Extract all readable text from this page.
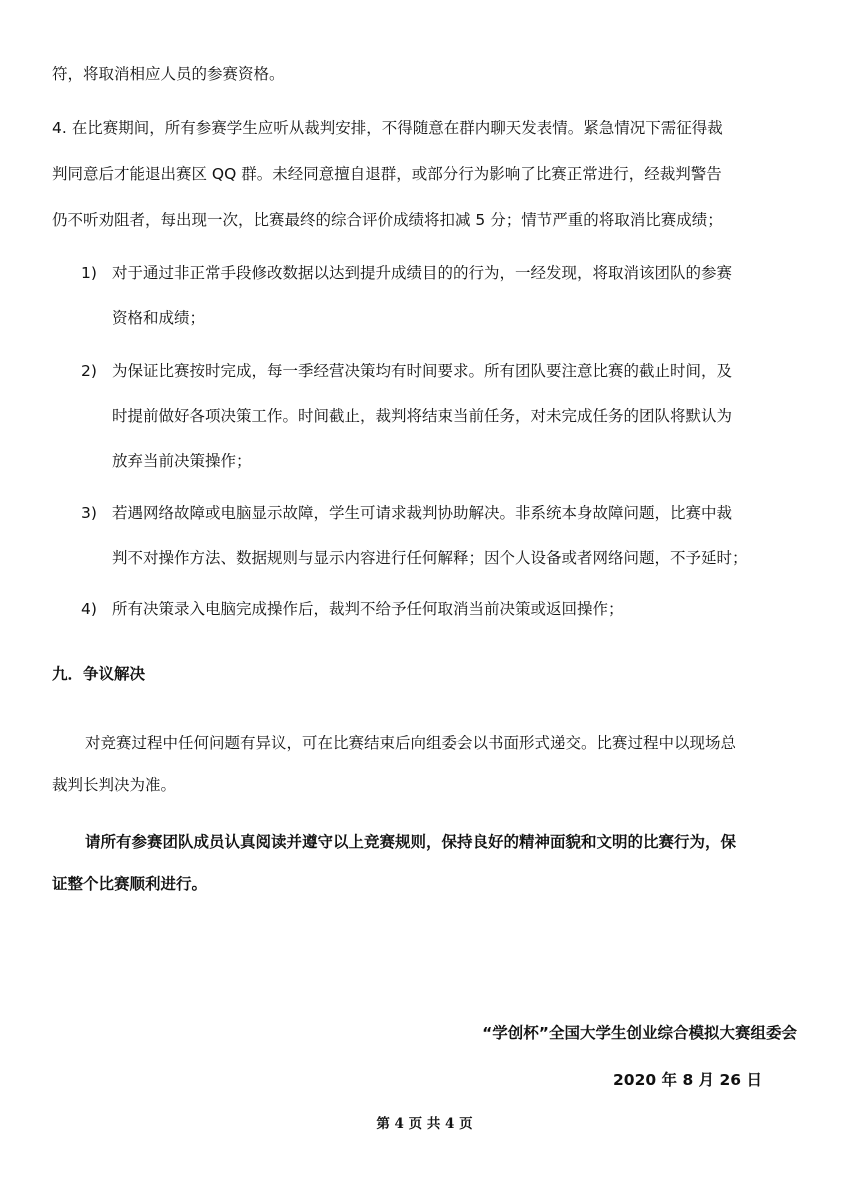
符，将取消相应人员的参赛资格。
4. 在比赛期间，所有参赛学生应听从裁判安排，不得随意在群内聊天发表情。紧急情况下需征得裁
判同意后才能退出赛区 QQ 群。未经同意擅自退群，或部分行为影响了比赛正常进行，经裁判警告
仍不听劝阻者，每出现一次，比赛最终的综合评价成绩将扣减 5 分；情节严重的将取消比赛成绩；
1) 对于通过非正常手段修改数据以达到提升成绩目的的行为，一经发现，将取消该团队的参赛
资格和成绩；
2) 为保证比赛按时完成，每一季经营决策均有时间要求。所有团队要注意比赛的截止时间，及
时提前做好各项决策工作。时间截止，裁判将结束当前任务，对未完成任务的团队将默认为
放弃当前决策操作；
3) 若遇网络故障或电脑显示故障，学生可请求裁判协助解决。非系统本身故障问题，比赛中裁
判不对操作方法、数据规则与显示内容进行任何解释；因个人设备或者网络问题，不予延时；
4) 所有决策录入电脑完成操作后，裁判不给予任何取消当前决策或返回操作；
九．争议解决
对竞赛过程中任何问题有异议，可在比赛结束后向组委会以书面形式递交。比赛过程中以现场总
裁判长判决为准。
请所有参赛团队成员认真阅读并遵守以上竞赛规则，保持良好的精神面貌和文明的比赛行为，保
证整个比赛顺利进行。
“学创杯”全国大学生创业综合模拟大赛组委会
2020 年 8 月 26 日
第 4 页 共 4 页
